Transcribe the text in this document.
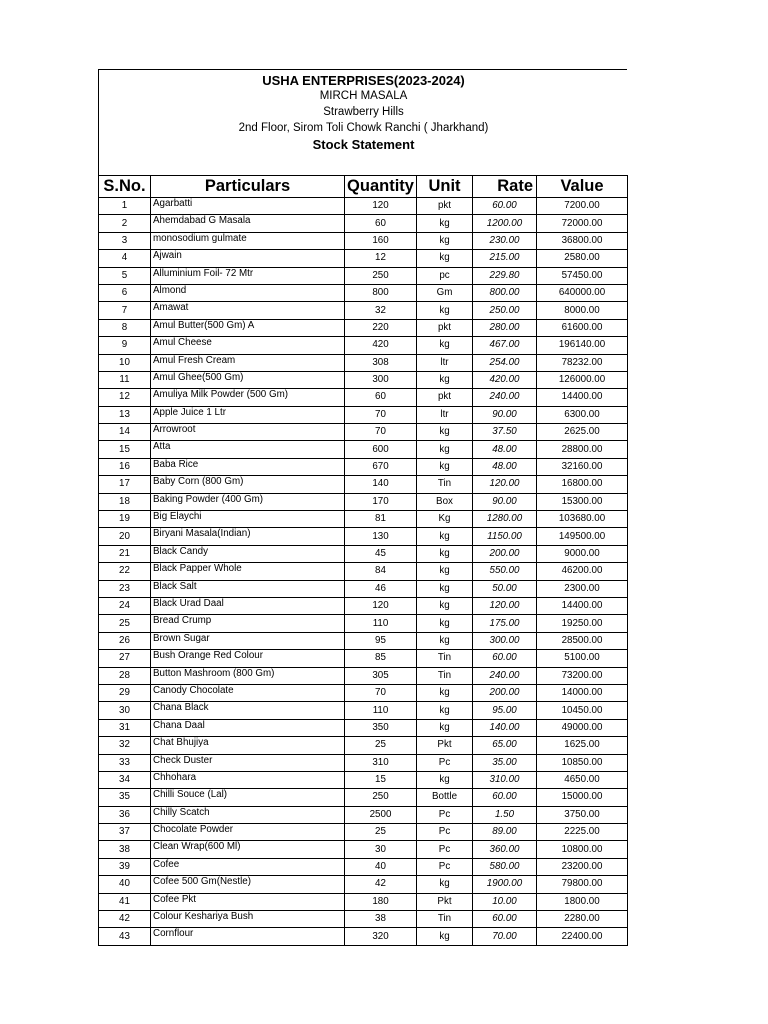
USHA ENTERPRISES(2023-2024)
MIRCH MASALA
Strawberry Hills
2nd Floor, Sirom Toli Chowk Ranchi ( Jharkhand)
Stock Statement
S.No.	Particulars	Quantity	Unit	Rate	Value
1	Agarbatti	120	pkt	60.00	7200.00
2	Ahemdabad G Masala	60	kg	1200.00	72000.00
3	monosodium gulmate	160	kg	230.00	36800.00
4	Ajwain	12	kg	215.00	2580.00
5	Alluminium Foil- 72 Mtr	250	pc	229.80	57450.00
6	Almond	800	Gm	800.00	640000.00
7	Amawat	32	kg	250.00	8000.00
8	Amul Butter(500 Gm) A	220	pkt	280.00	61600.00
9	Amul Cheese	420	kg	467.00	196140.00
10	Amul Fresh Cream	308	ltr	254.00	78232.00
11	Amul Ghee(500 Gm)	300	kg	420.00	126000.00
12	Amuliya Milk Powder (500 Gm)	60	pkt	240.00	14400.00
13	Apple Juice 1 Ltr	70	ltr	90.00	6300.00
14	Arrowroot	70	kg	37.50	2625.00
15	Atta	600	kg	48.00	28800.00
16	Baba Rice	670	kg	48.00	32160.00
17	Baby Corn (800 Gm)	140	Tin	120.00	16800.00
18	Baking Powder (400 Gm)	170	Box	90.00	15300.00
19	Big Elaychi	81	Kg	1280.00	103680.00
20	Biryani Masala(Indian)	130	kg	1150.00	149500.00
21	Black Candy	45	kg	200.00	9000.00
22	Black Papper Whole	84	kg	550.00	46200.00
23	Black Salt	46	kg	50.00	2300.00
24	Black Urad Daal	120	kg	120.00	14400.00
25	Bread Crump	110	kg	175.00	19250.00
26	Brown Sugar	95	kg	300.00	28500.00
27	Bush Orange Red Colour	85	Tin	60.00	5100.00
28	Button Mashroom (800 Gm)	305	Tin	240.00	73200.00
29	Canody Chocolate	70	kg	200.00	14000.00
30	Chana Black	110	kg	95.00	10450.00
31	Chana Daal	350	kg	140.00	49000.00
32	Chat Bhujiya	25	Pkt	65.00	1625.00
33	Check Duster	310	Pc	35.00	10850.00
34	Chhohara	15	kg	310.00	4650.00
35	Chilli Souce (Lal)	250	Bottle	60.00	15000.00
36	Chilly Scatch	2500	Pc	1.50	3750.00
37	Chocolate Powder	25	Pc	89.00	2225.00
38	Clean Wrap(600 Ml)	30	Pc	360.00	10800.00
39	Cofee	40	Pc	580.00	23200.00
40	Cofee 500 Gm(Nestle)	42	kg	1900.00	79800.00
41	Cofee Pkt	180	Pkt	10.00	1800.00
42	Colour Keshariya Bush	38	Tin	60.00	2280.00
43	Cornflour	320	kg	70.00	22400.00
